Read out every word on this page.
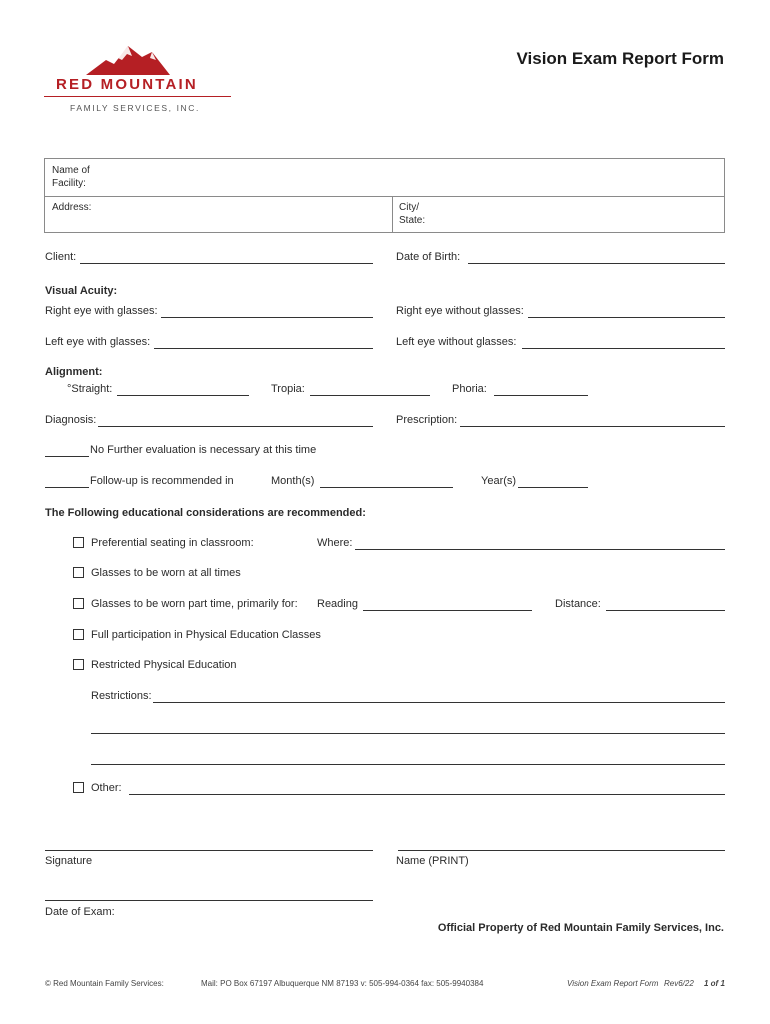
RED MOUNTAIN
FAMILY SERVICES, INC.
Vision Exam Report Form
Name of
Facility:
Address:	City/
State:
Client:	Date of Birth:
Visual Acuity:
Right eye with glasses:	Right eye without glasses:
Left eye with glasses:	Left eye without glasses:
Alignment:
°Straight:	Tropia:	Phoria:
Diagnosis:	Prescription:
No Further evaluation is necessary at this time
Follow-up is recommended in	Month(s)	Year(s)
The Following educational considerations are recommended:
Preferential seating in classroom:	Where:
Glasses to be worn at all times
Glasses to be worn part time, primarily for: Reading	Distance:
Full participation in Physical Education Classes
Restricted Physical Education
Restrictions:
Other:
Signature	Name (PRINT)
Date of Exam:
Official Property of Red Mountain Family Services, Inc.
© Red Mountain Family Services:	Mail: PO Box 67197 Albuquerque NM 87193 v: 505-994-0364 fax: 505-9940384	Vision Exam Report Form Rev6/22 1 of 1
